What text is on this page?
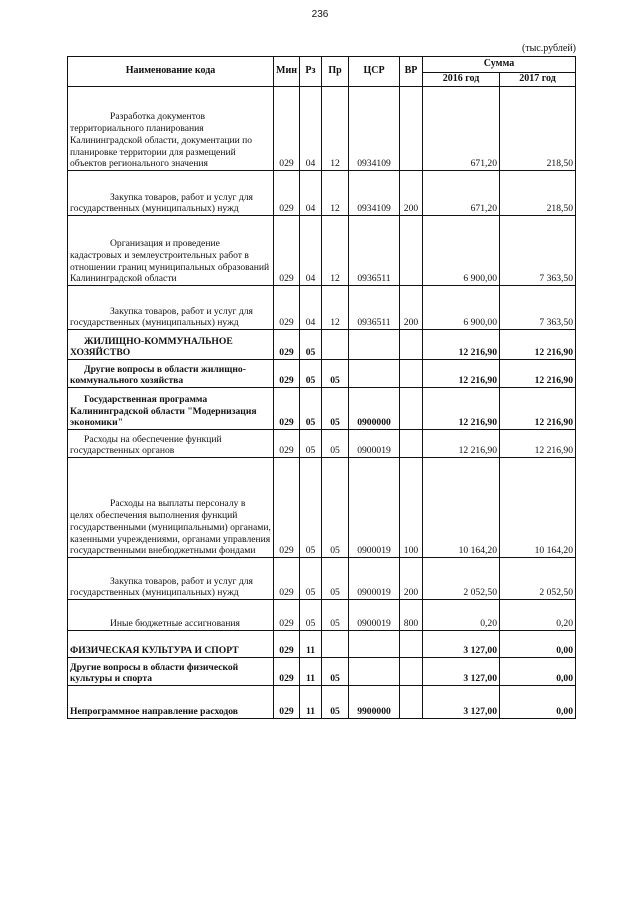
236
(тыс.рублей)
Наименование кода	Мин	Рз	Пр	ЦСР	ВР	Сумма	
						2016 год	2017 год
Разработка документов территориального планирования Калининградской области, документации по планировке территории для размещений объектов регионального значения	029	04	12	0934109		671,20	218,50
Закупка товаров, работ и услуг для государственных (муниципальных) нужд	029	04	12	0934109	200	671,20	218,50
Организация и проведение кадастровых и землеустроительных работ в отношении границ муниципальных образований Калининградской области	029	04	12	0936511		6 900,00	7 363,50
Закупка товаров, работ и услуг для государственных (муниципальных) нужд	029	04	12	0936511	200	6 900,00	7 363,50
ЖИЛИЩНО-КОММУНАЛЬНОЕ ХОЗЯЙСТВО	029	05				12 216,90	12 216,90
Другие вопросы в области жилищно-коммунального хозяйства	029	05	05			12 216,90	12 216,90
Государственная программа Калининградской области "Модернизация экономики"	029	05	05	0900000		12 216,90	12 216,90
Расходы на обеспечение функций государственных органов	029	05	05	0900019		12 216,90	12 216,90
Расходы на выплаты персоналу в целях обеспечения выполнения функций государственными (муниципальными) органами, казенными учреждениями, органами управления государственными внебюджетными фондами	029	05	05	0900019	100	10 164,20	10 164,20
Закупка товаров, работ и услуг для государственных (муниципальных) нужд	029	05	05	0900019	200	2 052,50	2 052,50
Иные бюджетные ассигнования	029	05	05	0900019	800	0,20	0,20
ФИЗИЧЕСКАЯ КУЛЬТУРА И СПОРТ	029	11				3 127,00	0,00
Другие вопросы в области физической культуры и спорта	029	11	05			3 127,00	0,00
Непрограммное направление расходов	029	11	05	9900000		3 127,00	0,00
